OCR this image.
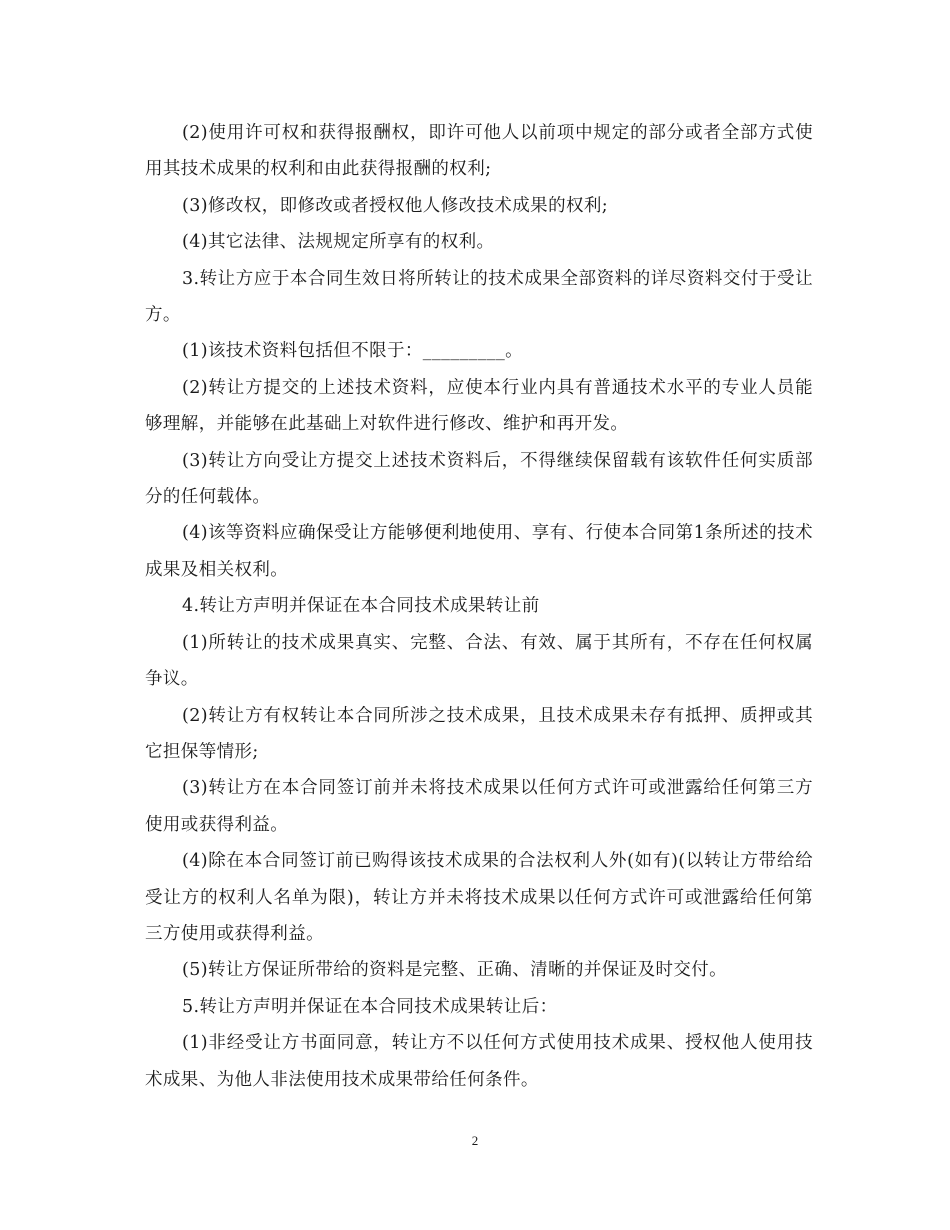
(2)使用许可权和获得报酬权，即许可他人以前项中规定的部分或者全部方式使用其技术成果的权利和由此获得报酬的权利;

(3)修改权，即修改或者授权他人修改技术成果的权利;

(4)其它法律、法规规定所享有的权利。

3.转让方应于本合同生效日将所转让的技术成果全部资料的详尽资料交付于受让方。

(1)该技术资料包括但不限于：_________。

(2)转让方提交的上述技术资料，应使本行业内具有普通技术水平的专业人员能够理解，并能够在此基础上对软件进行修改、维护和再开发。

(3)转让方向受让方提交上述技术资料后，不得继续保留载有该软件任何实质部分的任何载体。

(4)该等资料应确保受让方能够便利地使用、享有、行使本合同第1条所述的技术成果及相关权利。

4.转让方声明并保证在本合同技术成果转让前

(1)所转让的技术成果真实、完整、合法、有效、属于其所有，不存在任何权属争议。

(2)转让方有权转让本合同所涉之技术成果，且技术成果未存有抵押、质押或其它担保等情形;

(3)转让方在本合同签订前并未将技术成果以任何方式许可或泄露给任何第三方使用或获得利益。

(4)除在本合同签订前已购得该技术成果的合法权利人外(如有)(以转让方带给给受让方的权利人名单为限)，转让方并未将技术成果以任何方式许可或泄露给任何第三方使用或获得利益。

(5)转让方保证所带给的资料是完整、正确、清晰的并保证及时交付。

5.转让方声明并保证在本合同技术成果转让后：

(1)非经受让方书面同意，转让方不以任何方式使用技术成果、授权他人使用技术成果、为他人非法使用技术成果带给任何条件。

2
